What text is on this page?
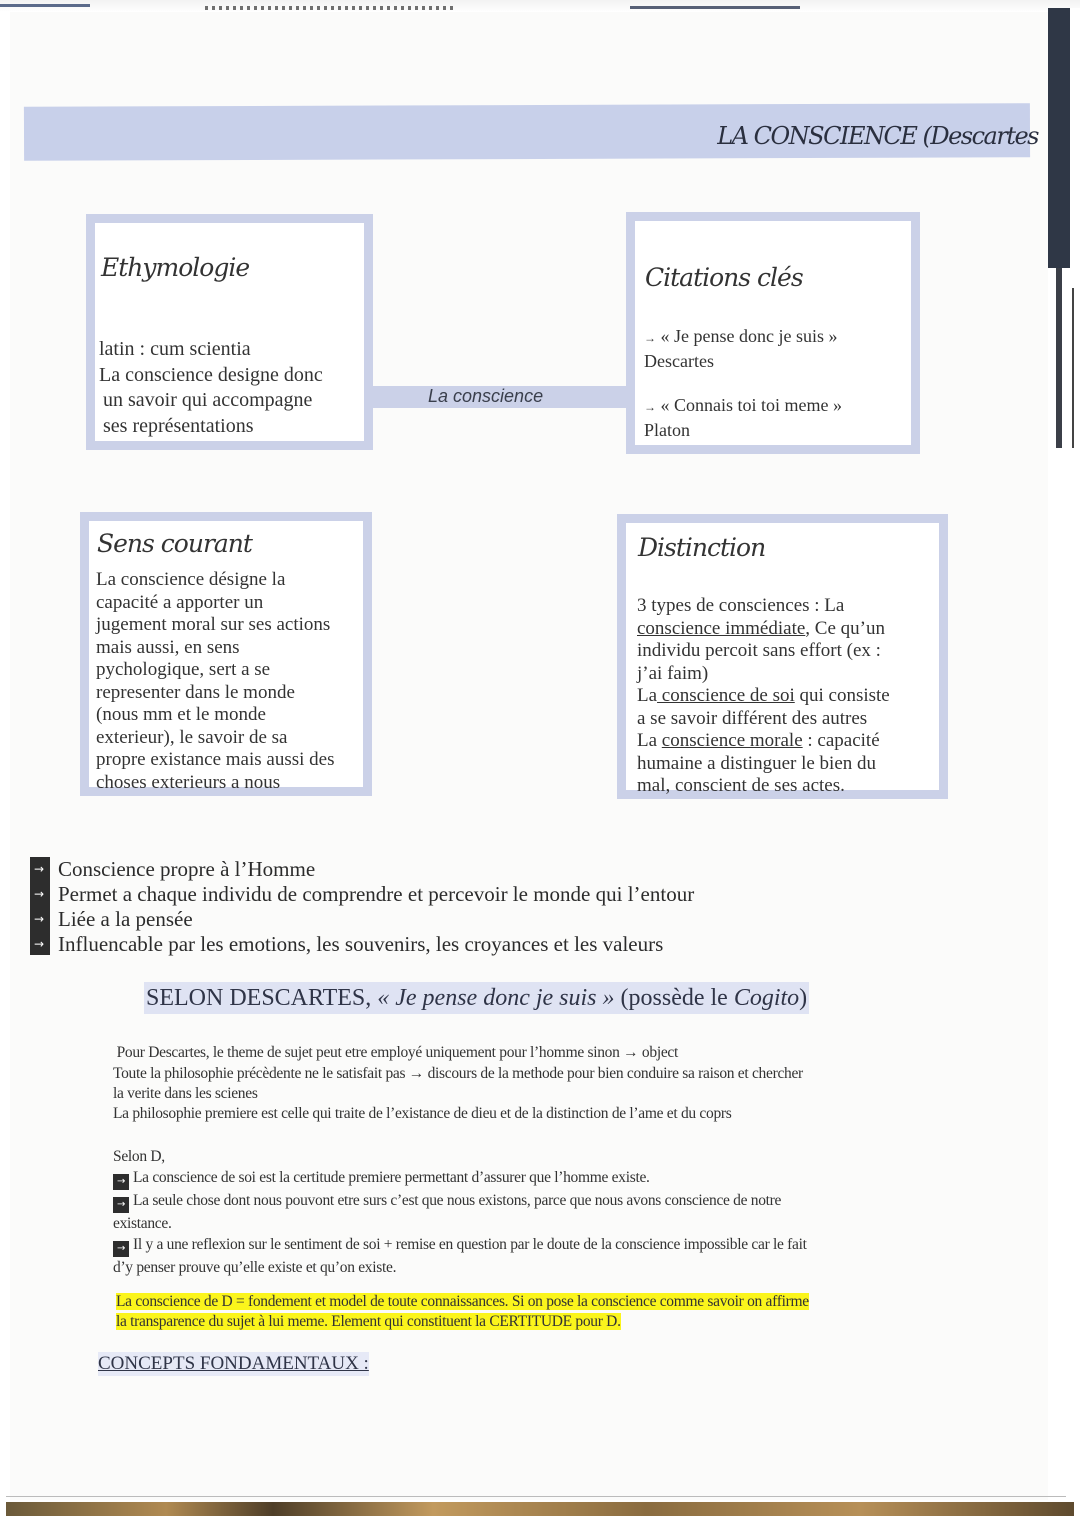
LA CONSCIENCE (Descartes
Ethymologie
latin : cum scientia
La conscience designe donc
un savoir qui accompagne
ses représentations
La conscience
Citations clés
→ « Je pense donc je suis »
Descartes
→ « Connais toi toi meme »
Platon
Sens courant
La conscience désigne la
capacité a apporter un
jugement moral sur ses actions
mais aussi, en sens
pychologique, sert a se
representer dans le monde
(nous mm et le monde
exterieur), le savoir de sa
propre existance mais aussi des
choses exterieurs a nous
Distinction
3 types de consciences : La
conscience immédiate, Ce qu’un
individu percoit sans effort (ex :
j’ai faim)
La conscience de soi qui consiste
a se savoir différent des autres
La conscience morale : capacité
humaine a distinguer le bien du
mal, conscient de ses actes.
→ Conscience propre à l’Homme
→ Permet a chaque individu de comprendre et percevoir le monde qui l’entour
→ Liée a la pensée
→ Influencable par les emotions, les souvenirs, les croyances et les valeurs
SELON DESCARTES, « Je pense donc je suis » (possède le Cogito)
Pour Descartes, le theme de sujet peut etre employé uniquement pour l’homme sinon → object
Toute la philosophie précèdente ne le satisfait pas → discours de la methode pour bien conduire sa raison et chercher
la verite dans les scienes
La philosophie premiere est celle qui traite de l’existance de dieu et de la distinction de l’ame et du coprs
Selon D,
→ La conscience de soi est la certitude premiere permettant d’assurer que l’homme existe.
→ La seule chose dont nous pouvont etre surs c’est que nous existons, parce que nous avons conscience de notre
existance.
→ Il y a une reflexion sur le sentiment de soi + remise en question par le doute de la conscience impossible car le fait
d’y penser prouve qu’elle existe et qu’on existe.
La conscience de D = fondement et model de toute connaissances. Si on pose la conscience comme savoir on affirme
la transparence du sujet à lui meme. Element qui constituent la CERTITUDE pour D.
CONCEPTS FONDAMENTAUX :
